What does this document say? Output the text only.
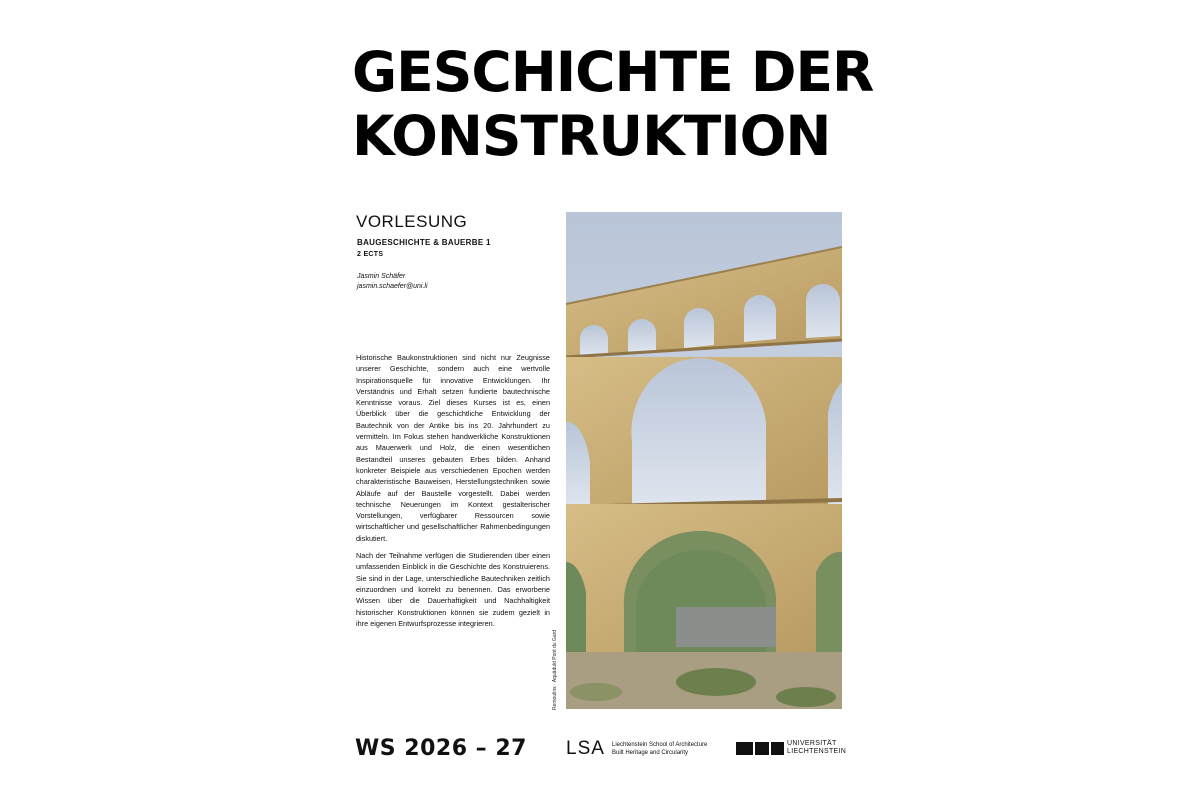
GESCHICHTE DER
KONSTRUKTION
VORLESUNG
BAUGESCHICHTE & BAUERBE 1
2 ECTS
Jasmin Schäfer
jasmin.schaefer@uni.li

Historische Baukonstruktionen sind nicht nur Zeugnisse unserer Geschichte, sondern auch eine wertvolle Inspirationsquelle für innovative Entwicklungen. Ihr Verständnis und Erhalt setzen fundierte bautechnische Kenntnisse voraus. Ziel dieses Kurses ist es, einen Überblick über die geschichtliche Entwicklung der Bautechnik von der Antike bis ins 20. Jahrhundert zu vermitteln. Im Fokus stehen handwerkliche Konstruktionen aus Mauerwerk und Holz, die einen wesentlichen Bestandteil unseres gebauten Erbes bilden. Anhand konkreter Beispiele aus verschiedenen Epochen werden charakteristische Bauweisen, Herstellungstechniken sowie Abläufe auf der Baustelle vorgestellt. Dabei werden technische Neuerungen im Kontext gestalterischer Vorstellungen, verfügbarer Ressourcen sowie wirtschaftlicher und gesellschaftlicher Rahmenbedingungen diskutiert.

Nach der Teilnahme verfügen die Studierenden über einen umfassenden Einblick in die Geschichte des Konstruierens. Sie sind in der Lage, unterschiedliche Bautechniken zeitlich einzuordnen und korrekt zu benennen. Das erworbene Wissen über die Dauerhaftigkeit und Nachhaltigkeit historischer Konstruktionen können sie zudem gezielt in ihre eigenen Entwurfsprozesse integrieren.

Remoulins · Aquädukt Pont du Gard
WS 2026 – 27 LSA Liechtenstein School of Architecture
Built Heritage and Circularity
UNIVERSITÄT
LIECHTENSTEIN
